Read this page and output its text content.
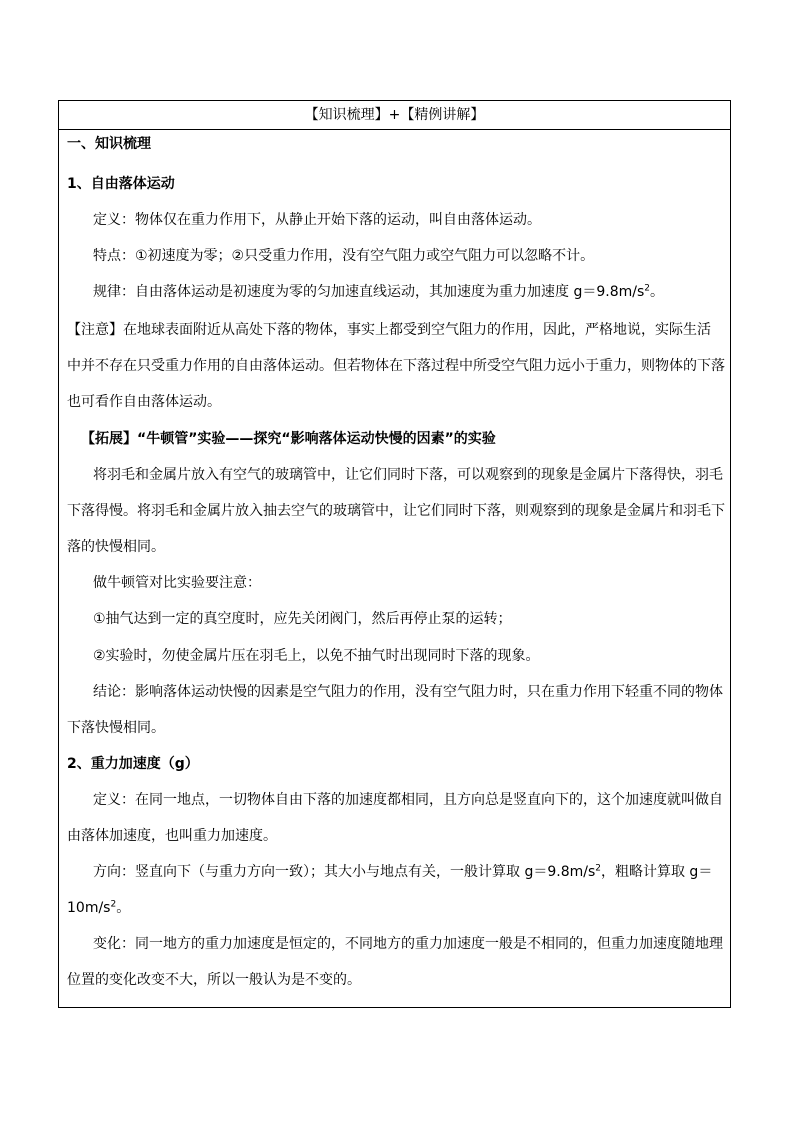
【知识梳理】+【精例讲解】
一、知识梳理
1、自由落体运动
定义：物体仅在重力作用下，从静止开始下落的运动，叫自由落体运动。
特点：①初速度为零；②只受重力作用，没有空气阻力或空气阻力可以忽略不计。
规律：自由落体运动是初速度为零的匀加速直线运动，其加速度为重力加速度 $g=9.8m/s^2$。
【注意】在地球表面附近从高处下落的物体，事实上都受到空气阻力的作用，因此，严格地说，实际生活
中并不存在只受重力作用的自由落体运动。但若物体在下落过程中所受空气阻力远小于重力，则物体的下落
也可看作自由落体运动。
【拓展】“牛顿管”实验——探究“影响落体运动快慢的因素”的实验
将羽毛和金属片放入有空气的玻璃管中，让它们同时下落，可以观察到的现象是金属片下落得快，羽毛
下落得慢。将羽毛和金属片放入抽去空气的玻璃管中，让它们同时下落，则观察到的现象是金属片和羽毛下
落的快慢相同。
做牛顿管对比实验要注意：
①抽气达到一定的真空度时，应先关闭阀门，然后再停止泵的运转；
②实验时，勿使金属片压在羽毛上，以免不抽气时出现同时下落的现象。
结论：影响落体运动快慢的因素是空气阻力的作用，没有空气阻力时，只在重力作用下轻重不同的物体
下落快慢相同。
2、重力加速度（g）
定义：在同一地点，一切物体自由下落的加速度都相同，且方向总是竖直向下的，这个加速度就叫做自
由落体加速度，也叫重力加速度。
方向：竖直向下（与重力方向一致）；其大小与地点有关，一般计算取 $g=9.8m/s^2$，粗略计算取 g＝
$10m/s^2$。
变化：同一地方的重力加速度是恒定的，不同地方的重力加速度一般是不相同的，但重力加速度随地理
位置的变化改变不大，所以一般认为是不变的。
